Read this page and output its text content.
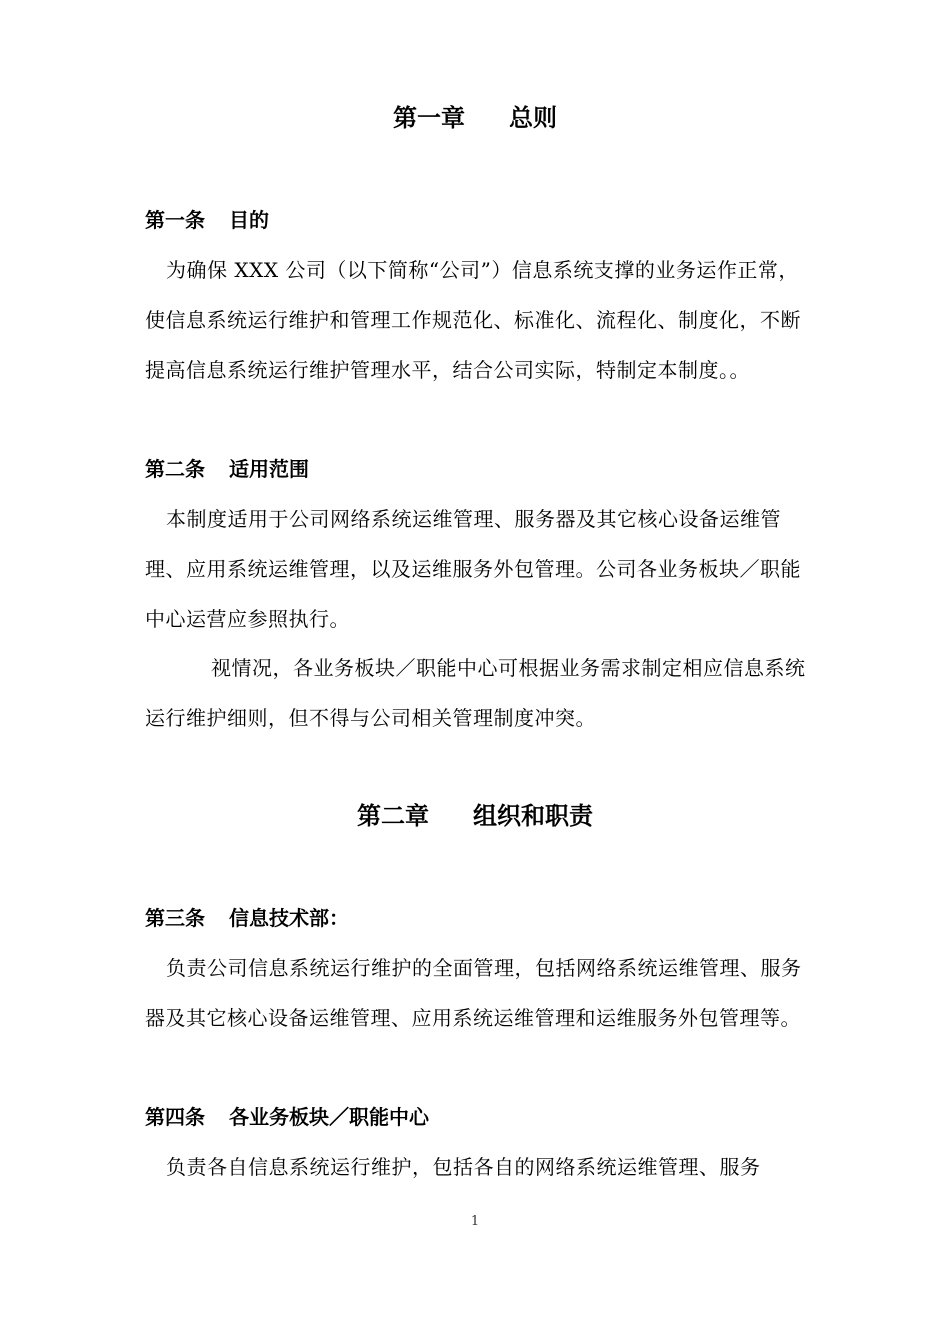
第一章 总则
第一条 目的
为确保 XXX 公司（以下简称“公司”）信息系统支撑的业务运作正常，使信息系统运行维护和管理工作规范化、标准化、流程化、制度化，不断提高信息系统运行维护管理水平，结合公司实际，特制定本制度。。
第二条 适用范围
本制度适用于公司网络系统运维管理、服务器及其它核心设备运维管理、应用系统运维管理，以及运维服务外包管理。公司各业务板块／职能中心运营应参照执行。
视情况，各业务板块／职能中心可根据业务需求制定相应信息系统运行维护细则，但不得与公司相关管理制度冲突。
第二章 组织和职责
第三条 信息技术部：
负责公司信息系统运行维护的全面管理，包括网络系统运维管理、服务器及其它核心设备运维管理、应用系统运维管理和运维服务外包管理等。
第四条 各业务板块／职能中心
负责各自信息系统运行维护，包括各自的网络系统运维管理、服务
1
